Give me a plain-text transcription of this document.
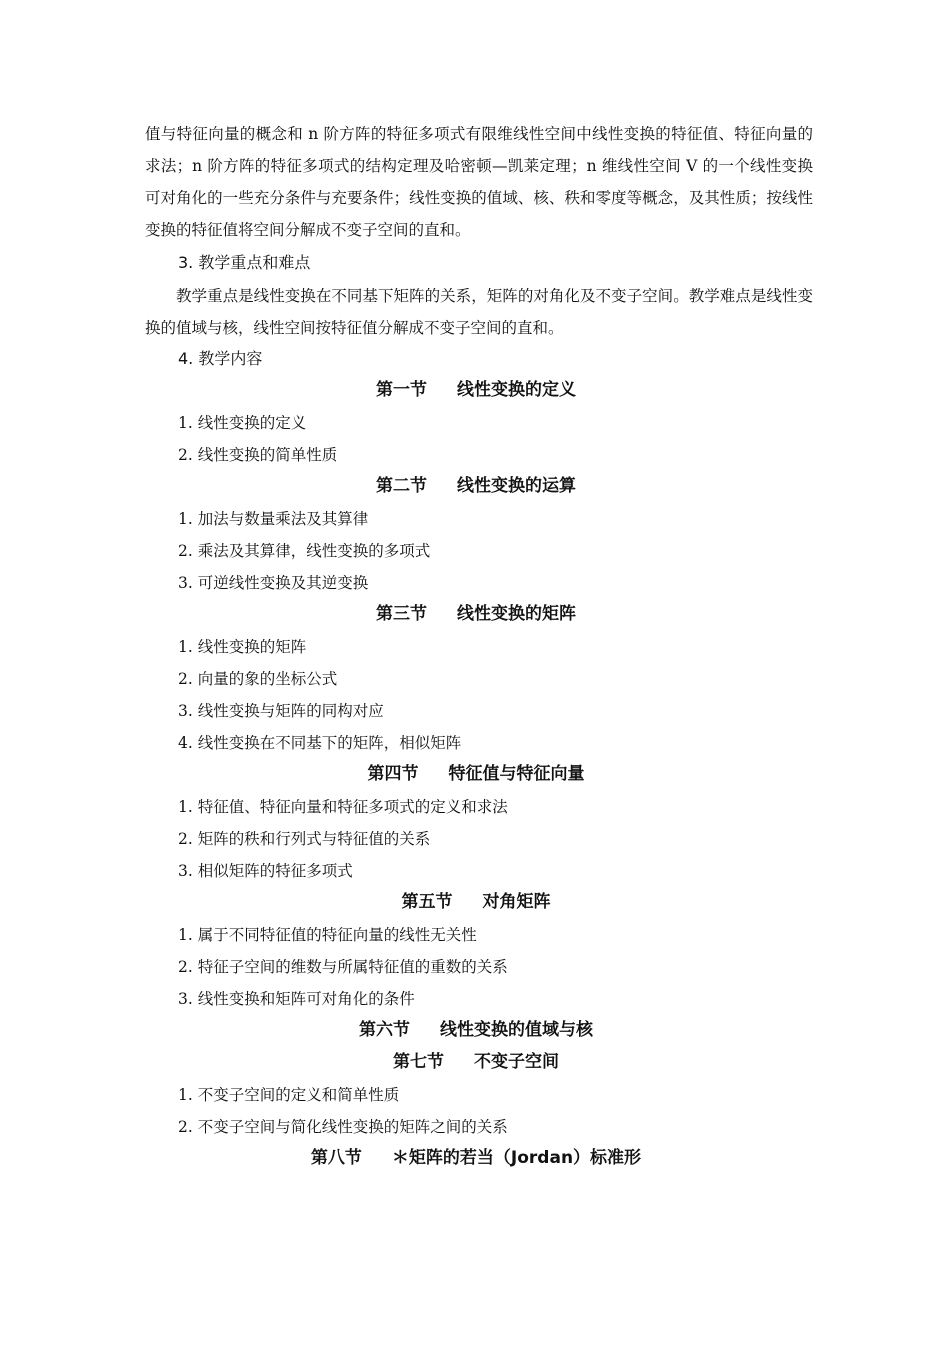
值与特征向量的概念和 n 阶方阵的特征多项式有限维线性空间中线性变换的特征值、特征向量的求法；n 阶方阵的特征多项式的结构定理及哈密顿—凯莱定理；n 维线性空间 V 的一个线性变换可对角化的一些充分条件与充要条件；线性变换的值域、核、秩和零度等概念，及其性质；按线性变换的特征值将空间分解成不变子空间的直和。

3. 教学重点和难点

教学重点是线性变换在不同基下矩阵的关系，矩阵的对角化及不变子空间。教学难点是线性变换的值域与核，线性空间按特征值分解成不变子空间的直和。

4. 教学内容
第一节 线性变换的定义
1. 线性变换的定义
2. 线性变换的简单性质
第二节 线性变换的运算
1. 加法与数量乘法及其算律
2. 乘法及其算律，线性变换的多项式
3. 可逆线性变换及其逆变换
第三节 线性变换的矩阵
1. 线性变换的矩阵
2. 向量的象的坐标公式
3. 线性变换与矩阵的同构对应
4. 线性变换在不同基下的矩阵，相似矩阵
第四节 特征值与特征向量
1. 特征值、特征向量和特征多项式的定义和求法
2. 矩阵的秩和行列式与特征值的关系
3. 相似矩阵的特征多项式
第五节 对角矩阵
1. 属于不同特征值的特征向量的线性无关性
2. 特征子空间的维数与所属特征值的重数的关系
3. 线性变换和矩阵可对角化的条件
第六节 线性变换的值域与核
第七节 不变子空间
1. 不变子空间的定义和简单性质
2. 不变子空间与简化线性变换的矩阵之间的关系
第八节 ＊矩阵的若当（Jordan）标准形
